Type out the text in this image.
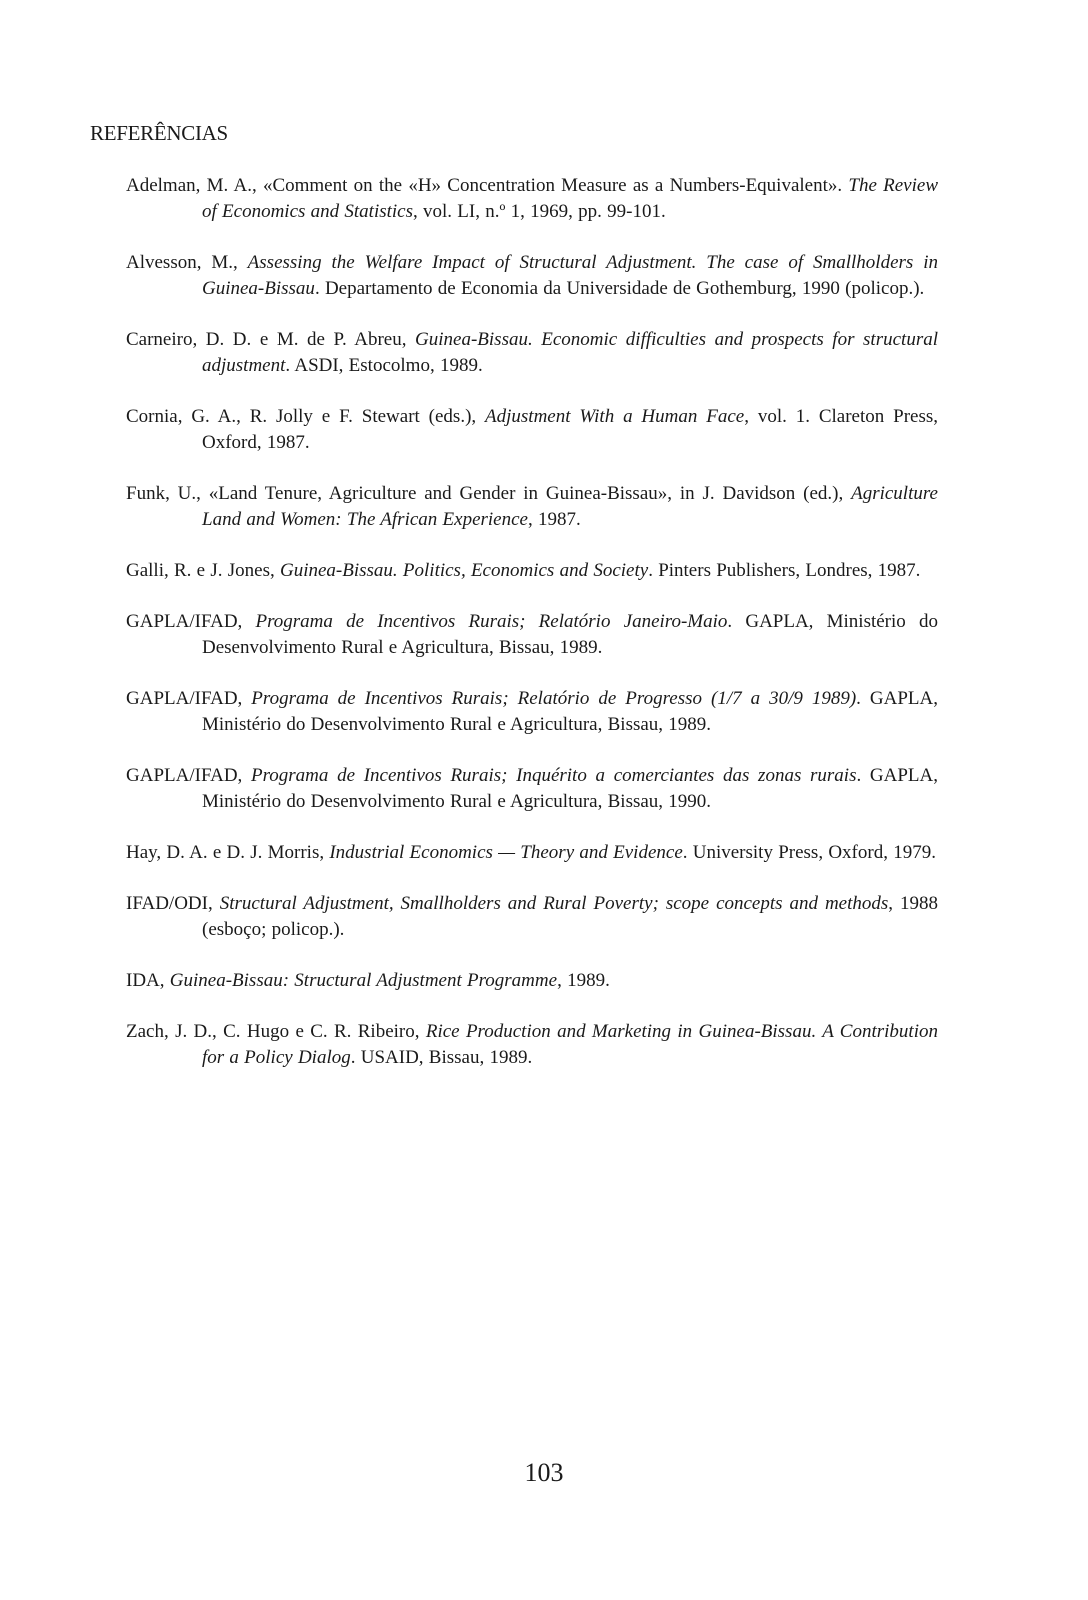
REFERÊNCIAS
Adelman, M. A., «Comment on the «H» Concentration Measure as a Numbers-Equivalent». The Review of Economics and Statistics, vol. LI, n.º 1, 1969, pp. 99-101.
Alvesson, M., Assessing the Welfare Impact of Structural Adjustment. The case of Smallholders in Guinea-Bissau. Departamento de Economia da Universidade de Gothemburg, 1990 (policop.).
Carneiro, D. D. e M. de P. Abreu, Guinea-Bissau. Economic difficulties and prospects for structural adjustment. ASDI, Estocolmo, 1989.
Cornia, G. A., R. Jolly e F. Stewart (eds.), Adjustment With a Human Face, vol. 1. Clareton Press, Oxford, 1987.
Funk, U., «Land Tenure, Agriculture and Gender in Guinea-Bissau», in J. Davidson (ed.), Agriculture Land and Women: The African Experience, 1987.
Galli, R. e J. Jones, Guinea-Bissau. Politics, Economics and Society. Pinters Publishers, Londres, 1987.
GAPLA/IFAD, Programa de Incentivos Rurais; Relatório Janeiro-Maio. GAPLA, Ministério do Desenvolvimento Rural e Agricultura, Bissau, 1989.
GAPLA/IFAD, Programa de Incentivos Rurais; Relatório de Progresso (1/7 a 30/9 1989). GAPLA, Ministério do Desenvolvimento Rural e Agricultura, Bissau, 1989.
GAPLA/IFAD, Programa de Incentivos Rurais; Inquérito a comerciantes das zonas rurais. GAPLA, Ministério do Desenvolvimento Rural e Agricultura, Bissau, 1990.
Hay, D. A. e D. J. Morris, Industrial Economics — Theory and Evidence. University Press, Oxford, 1979.
IFAD/ODI, Structural Adjustment, Smallholders and Rural Poverty; scope concepts and methods, 1988 (esboço; policop.).
IDA, Guinea-Bissau: Structural Adjustment Programme, 1989.
Zach, J. D., C. Hugo e C. R. Ribeiro, Rice Production and Marketing in Guinea-Bissau. A Contribution for a Policy Dialog. USAID, Bissau, 1989.
103
